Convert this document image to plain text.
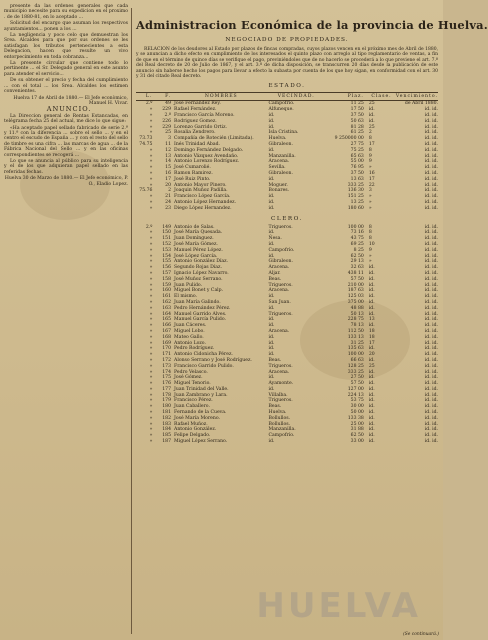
presente da las ordenes generales que cada municipio necesite para su expedicion en el proximo . de de 1880-81, en lo aceptado ...

Solicitud del encargo que asuman los respectivos ayuntamientos... ponen a los ...

La negligencia y poco celo que demuestran los Srea. Alcaldes para que por sus ordenes se les satisfagan los tributos pertenecientes a esta Delegacion, hacen que resulte un vivo entorpecimiento en toda cobranza...

La presente circular que contiene todo lo pertinente ... el Sr. Delegado general en este asunto para atender el servicio...

De su obtener el precio y fecha del cumplimiento ... con el total ... los Srea. Alcaldes los estimen convenientes.

Huelva 17 de Abril de 1880.— El Jefe econòmico, Manuel H. Vivar.

ANUNCIO.

La Direccion general de Rentas Estancadas, en telégrama fecha 25 del actual, me dice lo que sigue:

«Ha aceptado papel sellado fabricado de serie 2.ª y 11.ª con la diferencia ... sobre el sello ... y en el centro el escudo de España ... y con el resto del sello de timbre es una cifra ... las marcas de agua ... de la Fábrica Nacional del Sello ... y en las oficinas correspondientes se recogerá ...

Lo que se anuncia al público para su inteligencia y el de los que adquieran papel sellado en las referidas fechas.

Huelva 30 de Marzo de 1880.— El Jefe económico, P. O., Eladio Lopez.

Administracion Económica de la provincia de Huelva.
NEGOCIADO DE PROPIEDADES.

RELACION de los deudores al Estado por plazos de fincas compradas, cuyos plazos vencen en el próximo mes de Abril de 1880, y se anuncian a dicho efecto en cumplimiento de los interesados el quinto plazo con arreglo al tipo reglamentario de ventas, a fin de que en el término de quince días se verifique el pago, previniéndoles que de no hacerlo se procederá a lo que previene el art. 7.º del Real decreto de 20 de Julio de 1867, y el art. 3.º de dicha disposición, se transcurren 20 días desde la publicación de este anuncio sin haberse hecho los pagos para llevar a efecto la subasta por cuenta de los que hoy sigan, en conformidad con el art. 30 y 31 del citado Real decreto.

ESTADO.
L.	F.	NOMBRES	VECINDAD.	Plaz.	Clase.	Vencimiento.
2.º	49	José Fernández Rey.	Campofrío.	11 25	25	de Abril 1880.
»	229	Rafael Fernández.	Alfuneque.	17 50	id.	id. id.
»	2.º	Francisco García Moreno.	id.	37 50	id.	id. id.
»	226	Rodriguez Gomez.	id.	50 63	id.	id. id.
»	229	Lorenzo Garrido Ortiz.	id.	81 28	25	id. id.
»	25	Rosalia Zendrero.	Isla Cristina.	61 25	2	id. id.
73.73	3	Compañía de Rotecién (Limitada).	Huelva.	9 250000 00	8	id. id.
74.75	11	Inés Trinidad Abad.	Gibraleon.	27 75	17	id. id.
»	12	Domingo Fernández Delgado.	id.	75 25	8	id. id.
»	13	Antonio Vázquez Avendaño.	Manzanilla.	65 63	9	id. id.
»	14	Antonio Lorenzo Rodríguez.	Aracena.	55 00	9	id. id.
»	15	José Cumarolié.	Sevilla.	76 95	»	id. id.
»	16	Ramon Ramirez.	Gibraleon.	37 50	16	id. id.
»	17	José Ruiz Pinto.	id.	13 63	17	id. id.
»	20	Antonio Mayor Pinero.	Moguer.	333 25	22	id. id.
75.76	2	Joaquin Muñoz Padilla.	Bonares.	136 30	3	id. id.
»	21	Francisco López García.	id.	151 25	»	id. id.
»	24	Antonio López Hernandez.	id.	13 25	»	id. id.
»	23	Diego López Hernandez.	id.	180 60	»	id. id.
CLERO.
2.º	149	Antonio de Salas.	Trigueros.	100 00	8	id. id.
»	150	José María Quesada.	id.	73 16	8	id. id.
»	151	Juan Domínguez.	Ñesa.	43 75	8	id. id.
»	152	José María Gómez.	id.	69 25	10	id. id.
»	153	Manuel Pérez López.	Campofrío.	8 25	9	id. id.
»	154	José López García.	id.	62 50	»	id. id.
»	155	Antonio González Díaz.	Gibraleon.	29 13	»	id. id.
»	156	Segundo Rojas Díaz.	Aracena.	32 63	id.	id. id.
»	157	Ignacio López Navarro.	Aljar.	438 11	id.	id. id.
»	158	José Muñoz Serrano.	Beas.	57 50	id.	id. id.
»	159	Juan Pulido.	Trigueros.	210 00	id.	id. id.
»	160	Miguel Bonet y Calp.	Aracena.	187 63	id.	id. id.
»	161	El mismo.	id.	125 03	id.	id. id.
»	162	Juan María Galindo.	San Juan.	375 00	id.	id. id.
»	163	Pedro Hernández Pérez.	id.	48 88	id.	id. id.
»	164	Manuel Garrido Alves.	Trigueros.	50 13	id.	id. id.
»	165	Manuel García Pulido.	id.	228 75	13	id. id.
»	166	Juan Cáceres.	id.	78 13	id.	id. id.
»	167	Miguel Lobo.	Aracena.	112 50	18	id. id.
»	168	Mateo Gallo.	id.	133 13	18	id. id.
»	169	Antonio Lozo.	id.	31 25	17	id. id.
»	170	Pedro Rodríguez.	id.	135 63	id.	id. id.
»	171	Antonio Cidonicha Pérez.	id.	100 00	20	id. id.
»	172	Alonso Serrano y José Rodríguez.	Beas.	66 63	id.	id. id.
»	173	Francisco Garrido Pulido.	Trigueros.	128 25	25	id. id.
»	174	Pedro Velasco.	Aracena.	333 25	id.	id. id.
»	175	José Gómez.	id.	27 50	id.	id. id.
»	176	Miguel Tenorio.	Ayamonte.	57 50	id.	id. id.
»	177	Juan Trinidad del Valle.	id.	127 00	id.	id. id.
»	178	Juan Zambrano y Lara.	Villalba.	224 13	id.	id. id.
»	179	Francisco Pérez.	Trigueros.	53 75	id.	id. id.
»	180	Juan Caballero.	Beas.	30 00	id.	id. id.
»	181	Fernando de la Cueva.	Huelva.	50 00	id.	id. id.
»	182	José María Moreno.	Bollullos.	133 38	id.	id. id.
»	183	Rafael Muñoz.	Bollullos.	25 00	id.	id. id.
»	184	Antonio González.	Manzanilla.	31 88	id.	id. id.
»	185	Felipe Delgado.	Campofrío.	62 50	id.	id. id.
»	187	Miguel López Serrano.	id.	33 00	id.	id. id.
HUELVA
(Se continuará.)
